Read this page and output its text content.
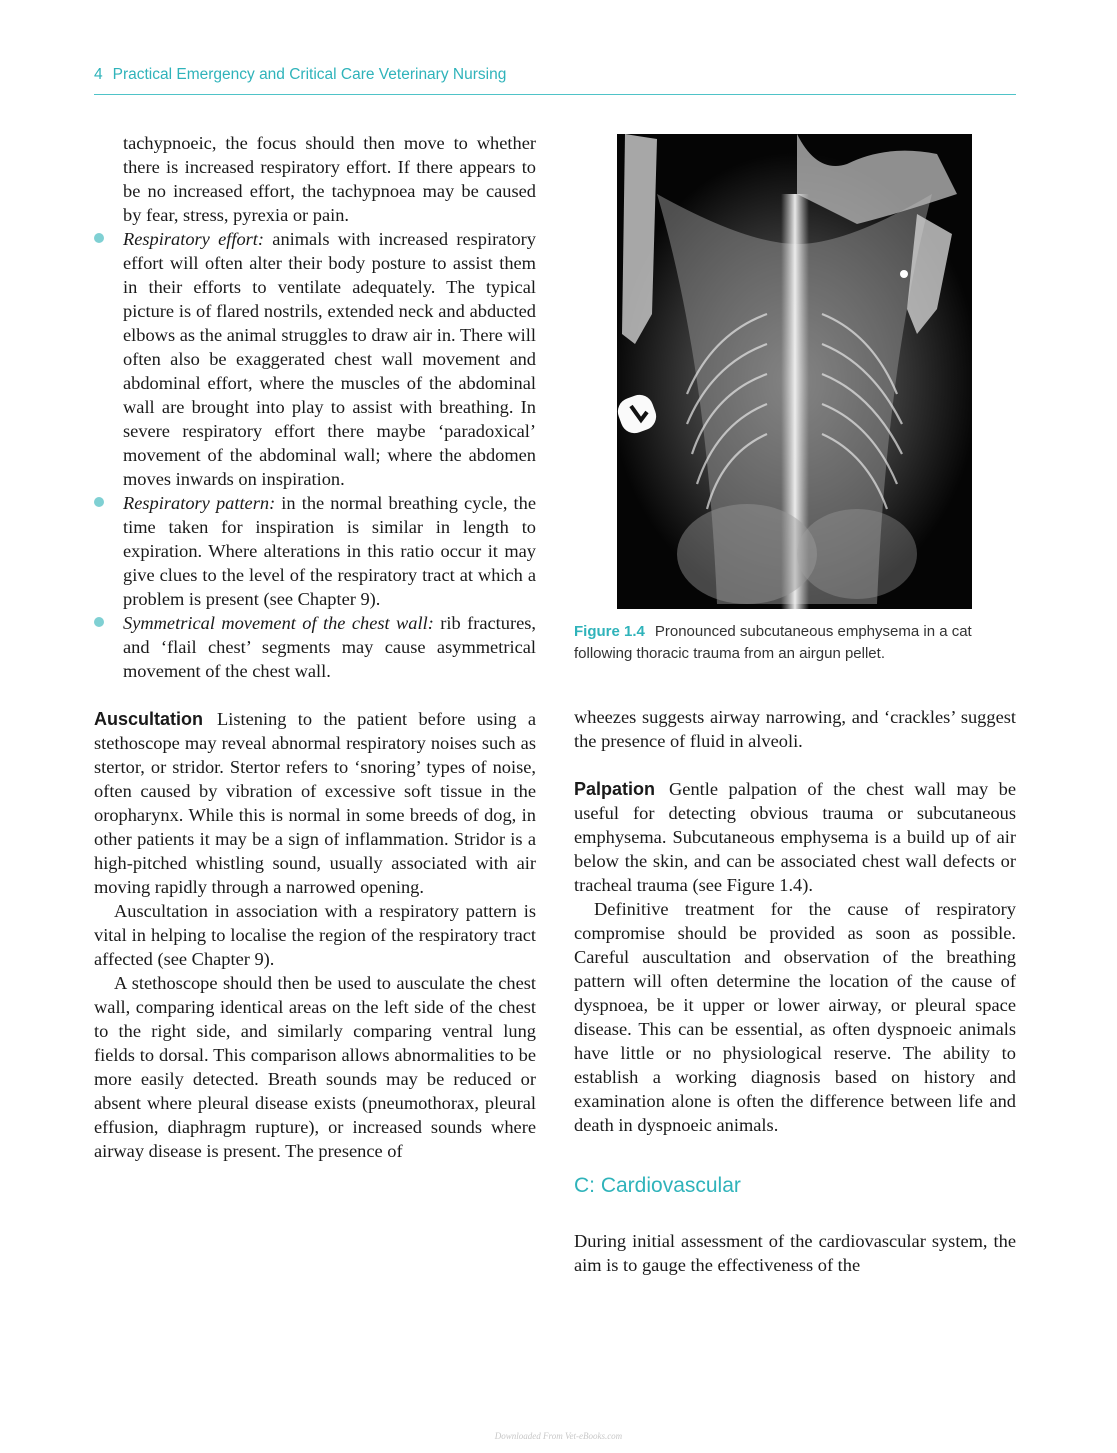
4 Practical Emergency and Critical Care Veterinary Nursing

tachypnoeic, the focus should then move to whether there is increased respiratory effort. If there appears to be no increased effort, the tachypnoea may be caused by fear, stress, pyrexia or pain.

Respiratory effort: animals with increased respiratory effort will often alter their body posture to assist them in their efforts to ventilate adequately. The typical picture is of flared nostrils, extended neck and abducted elbows as the animal struggles to draw air in. There will often also be exaggerated chest wall movement and abdominal effort, where the muscles of the abdominal wall are brought into play to assist with breathing. In severe respiratory effort there maybe ‘paradoxical’ movement of the abdominal wall; where the abdomen moves inwards on inspiration.
Respiratory pattern: in the normal breathing cycle, the time taken for inspiration is similar in length to expiration. Where alterations in this ratio occur it may give clues to the level of the respiratory tract at which a problem is present (see Chapter 9).
Symmetrical movement of the chest wall: rib fractures, and ‘flail chest’ segments may cause asymmetrical movement of the chest wall.

Auscultation Listening to the patient before using a stethoscope may reveal abnormal respiratory noises such as stertor, or stridor. Stertor refers to ‘snoring’ types of noise, often caused by vibration of excessive soft tissue in the oropharynx. While this is normal in some breeds of dog, in other patients it may be a sign of inflammation. Stridor is a high-pitched whistling sound, usually associated with air moving rapidly through a narrowed opening.

Auscultation in association with a respiratory pattern is vital in helping to localise the region of the respiratory tract affected (see Chapter 9).

A stethoscope should then be used to ausculate the chest wall, comparing identical areas on the left side of the chest to the right side, and similarly comparing ventral lung fields to dorsal. This comparison allows abnormalities to be more easily detected. Breath sounds may be reduced or absent where pleural disease exists (pneumothorax, pleural effusion, diaphragm rupture), or increased sounds where airway disease is present. The presence of

Figure 1.4 Pronounced subcutaneous emphysema in a cat following thoracic trauma from an airgun pellet.

wheezes suggests airway narrowing, and ‘crackles’ suggest the presence of fluid in alveoli.

Palpation Gentle palpation of the chest wall may be useful for detecting obvious trauma or subcutaneous emphysema. Subcutaneous emphysema is a build up of air below the skin, and can be associated chest wall defects or tracheal trauma (see Figure 1.4).

Definitive treatment for the cause of respiratory compromise should be provided as soon as possible. Careful auscultation and observation of the breathing pattern will often determine the location of the cause of dyspnoea, be it upper or lower airway, or pleural space disease. This can be essential, as often dyspnoeic animals have little or no physiological reserve. The ability to establish a working diagnosis based on history and examination alone is often the difference between life and death in dyspnoeic animals.

C: Cardiovascular

During initial assessment of the cardiovascular system, the aim is to gauge the effectiveness of the

Downloaded From Vet-eBooks.com
